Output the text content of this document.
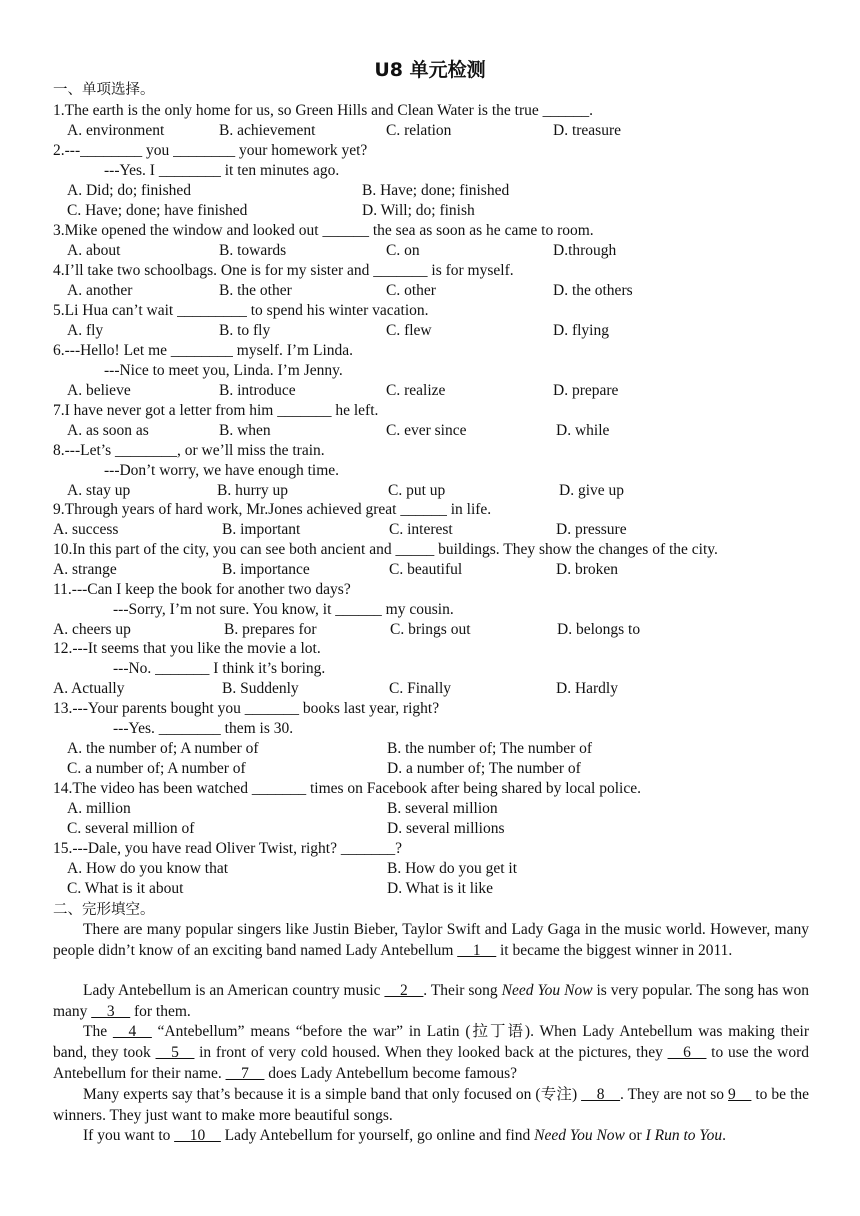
U8 单元检测
一、单项选择。
1.The earth is the only home for us, so Green Hills and Clean Water is the true ______.
A. environment	B. achievement	C. relation	D. treasure
2.---________ you ________ your homework yet?
---Yes. I ________ it ten minutes ago.
A. Did; do; finished	B. Have; done; finished
C. Have; done; have finished	D. Will; do; finish
3.Mike opened the window and looked out ______ the sea as soon as he came to room.
A. about	B. towards	C. on	D.through
4.I’ll take two schoolbags. One is for my sister and _______ is for myself.
A. another	B. the other	C. other	D. the others
5.Li Hua can’t wait _________ to spend his winter vacation.
A. fly	B. to fly	C. flew	D. flying
6.---Hello! Let me ________ myself. I’m Linda.
---Nice to meet you, Linda. I’m Jenny.
A. believe	B. introduce	C. realize	D. prepare
7.I have never got a letter from him _______ he left.
A. as soon as	B. when	C. ever since	D. while
8.---Let’s ________, or we’ll miss the train.
---Don’t worry, we have enough time.
A. stay up	B. hurry up	C. put up	D. give up
9.Through years of hard work, Mr.Jones achieved great ______ in life.
A. success	B. important	C. interest	D. pressure
10.In this part of the city, you can see both ancient and _____ buildings. They show the changes of the city.
A. strange	B. importance	C. beautiful	D. broken
11.---Can I keep the book for another two days?
---Sorry, I’m not sure. You know, it ______ my cousin.
A. cheers up	B. prepares for	C. brings out	D. belongs to
12.---It seems that you like the movie a lot.
---No. _______ I think it’s boring.
A. Actually	B. Suddenly	C. Finally	D. Hardly
13.---Your parents bought you _______ books last year, right?
---Yes. ________ them is 30.
A. the number of; A number of	B. the number of; The number of
C. a number of; A number of	D. a number of; The number of
14.The video has been watched _______ times on Facebook after being shared by local police.
A. million	B. several million
C. several million of	D. several millions
15.---Dale, you have read Oliver Twist, right? _______?
A. How do you know that	B. How do you get it
C. What is it about	D. What is it like
二、完形填空。
There are many popular singers like Justin Bieber, Taylor Swift and Lady Gaga in the music world. However, many people didn’t know of an exciting band named Lady Antebellum __1__ it became the biggest winner in 2011.
Lady Antebellum is an American country music __2__. Their song Need You Now is very popular. The song has won many __3__ for them.
The __4__ “Antebellum” means “before the war” in Latin (拉丁语). When Lady Antebellum was making their band, they took __5__ in front of very cold housed. When they looked back at the pictures, they __6__ to use the word Antebellum for their name. __7__ does Lady Antebellum become famous?
Many experts say that’s because it is a simple band that only focused on (专注) __8__. They are not so 9__ to be the winners. They just want to make more beautiful songs.
If you want to __10__ Lady Antebellum for yourself, go online and find Need You Now or I Run to You.
